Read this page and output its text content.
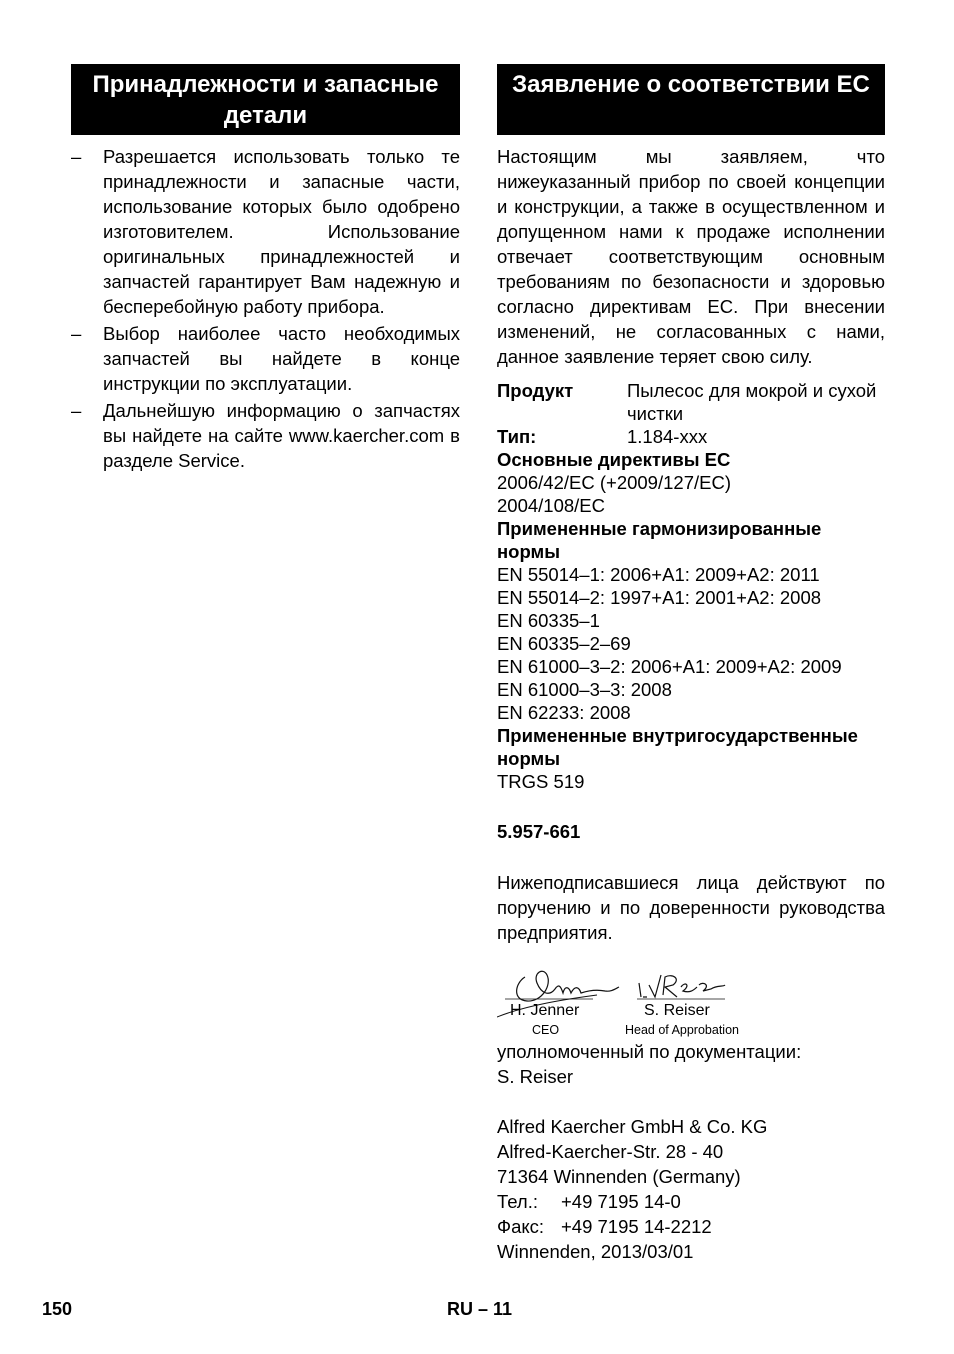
Принадлежности и запасные детали
– Разрешается использовать только те принадлежности и запасные части, использование которых было одобрено изготовителем. Использование оригинальных принадлежностей и запчастей гарантирует Вам надежную и бесперебойную работу прибора.
– Выбор наиболее часто необходимых запчастей вы найдете в конце инструкции по эксплуатации.
– Дальнейшую информацию о запчастях вы найдете на сайте www.kaercher.com в разделе Service.
Заявление о соответствии ЕС
Настоящим мы заявляем, что нижеуказанный прибор по своей концепции и конструкции, а также в осуществленном и допущенном нами к продаже исполнении отвечает соответствующим основным требованиям по безопасности и здоровью согласно директивам ЕС. При внесении изменений, не согласованных с нами, данное заявление теряет свою силу.
Продукт	Пылесос для мокрой и сухой чистки
Тип:	1.184-xxx
Основные директивы ЕС
2006/42/EC (+2009/127/EC)
2004/108/EC
Примененные гармонизированные нормы
EN 55014–1: 2006+A1: 2009+A2: 2011
EN 55014–2: 1997+A1: 2001+A2: 2008
EN 60335–1
EN 60335–2–69
EN 61000–3–2: 2006+A1: 2009+A2: 2009
EN 61000–3–3: 2008
EN 62233: 2008
Примененные внутригосударственные нормы
TRGS 519
5.957-661
Нижеподписавшиеся лица действуют по поручению и по доверенности руководства предприятия.
H. Jenner
CEO
S. Reiser
Head of Approbation
уполномоченный по документации:
S. Reiser
Alfred Kaercher GmbH & Co. KG
Alfred-Kaercher-Str. 28 - 40
71364 Winnenden (Germany)
Тел.:	+49 7195 14-0
Факс: +49 7195 14-2212
Winnenden, 2013/03/01
150	RU – 11
